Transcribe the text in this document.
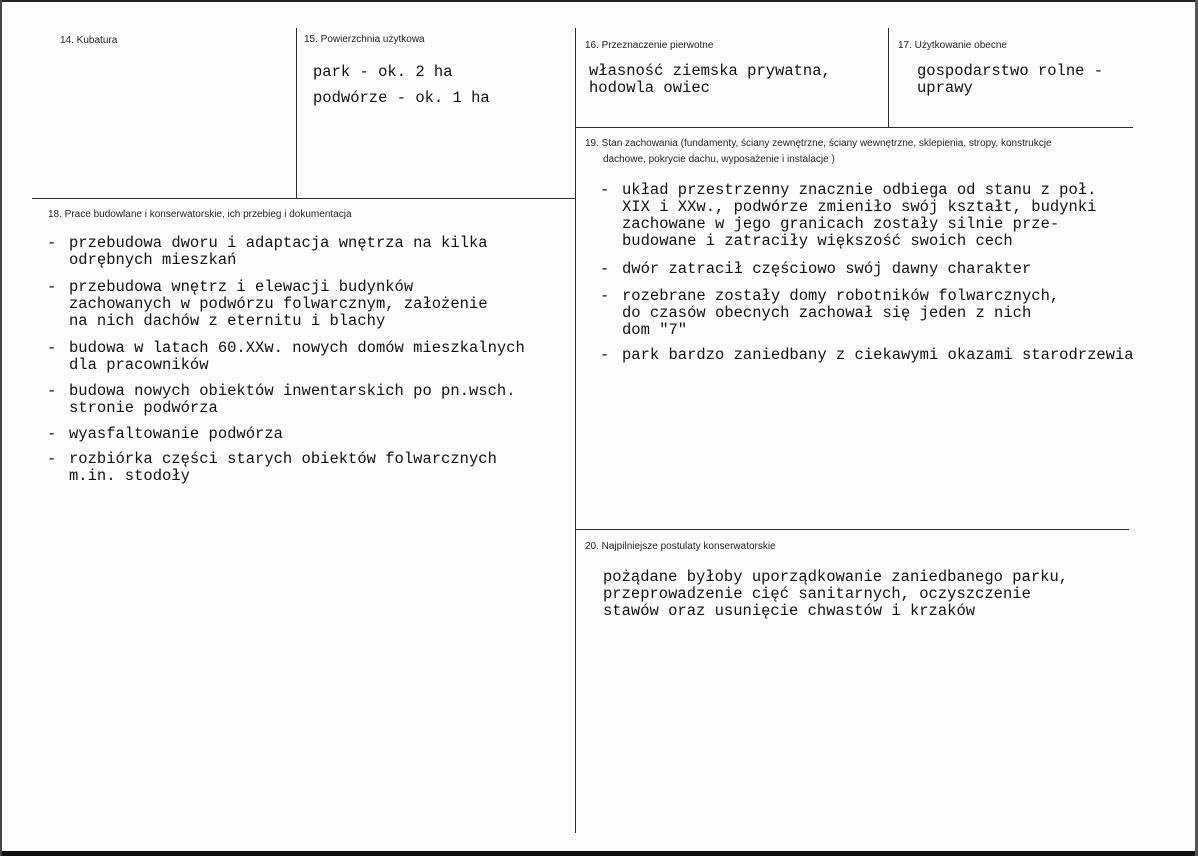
14. Kubatura	15. Powierzchnia użytkowa
park - ok. 2 ha
podwórze - ok. 1 ha
16. Przeznaczenie pierwotne
własność ziemska prywatna,
hodowla owiec
17. Użytkowanie obecne
gospodarstwo rolne -
uprawy
18. Prace budowlane i konserwatorskie, ich przebieg i dokumentacja
- przebudowa dworu i adaptacja wnętrza na kilka
odrębnych mieszkań
- przebudowa wnętrz i elewacji budynków
zachowanych w podwórzu folwarcznym, założenie
na nich dachów z eternitu i blachy
- budowa w latach 60.XXw. nowych domów mieszkalnych
dla pracowników
- budowa nowych obiektów inwentarskich po pn.wsch.
stronie podwórza
- wyasfaltowanie podwórza
- rozbiórka części starych obiektów folwarcznych
m.in. stodoły
19. Stan zachowania (fundamenty, ściany zewnętrzne, ściany wewnętrzne, sklepienia, stropy, konstrukcje
dachowe, pokrycie dachu, wyposażenie i instalacje )
- układ przestrzenny znacznie odbiega od stanu z poł.
XIX i XXw., podwórze zmieniło swój kształt, budynki
zachowane w jego granicach zostały silnie prze-
budowane i zatraciły większość swoich cech
- dwór zatracił częściowo swój dawny charakter
- rozebrane zostały domy robotników folwarcznych,
do czasów obecnych zachował się jeden z nich
dom "7"
- park bardzo zaniedbany z ciekawymi okazami starodrzewia
20. Najpilniejsze postulaty konserwatorskie
pożądane byłoby uporządkowanie zaniedbanego parku,
przeprowadzenie cięć sanitarnych, oczyszczenie
stawów oraz usunięcie chwastów i krzaków
